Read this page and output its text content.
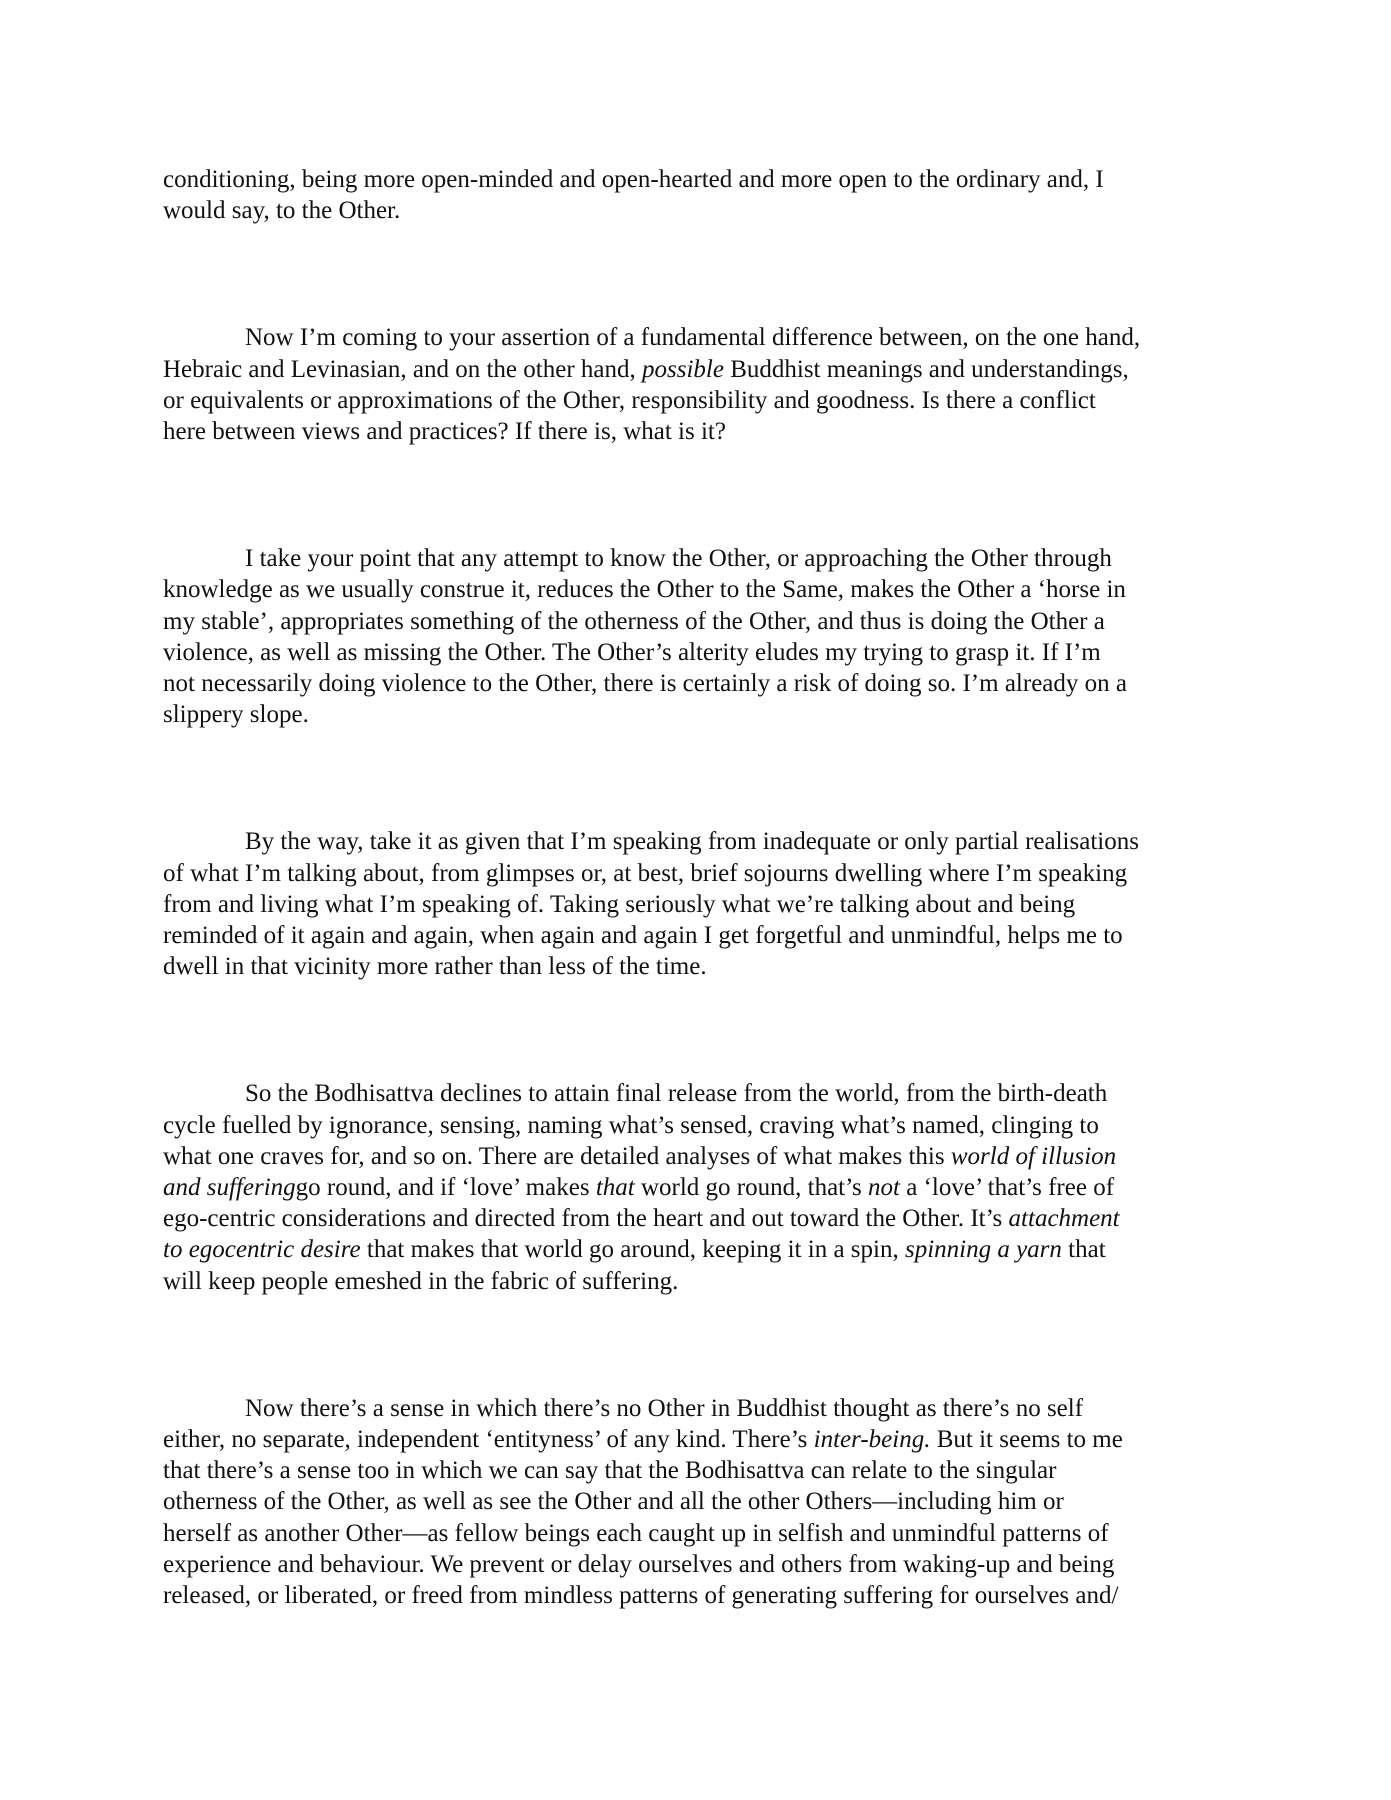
conditioning, being more open-minded and open-hearted and more open to the ordinary and, I
would say, to the Other.
Now I’m coming to your assertion of a fundamental difference between, on the one hand,
Hebraic and Levinasian, and on the other hand, possible Buddhist meanings and understandings,
or equivalents or approximations of the Other, responsibility and goodness. Is there a conflict
here between views and practices? If there is, what is it?
I take your point that any attempt to know the Other, or approaching the Other through
knowledge as we usually construe it, reduces the Other to the Same, makes the Other a ‘horse in
my stable’, appropriates something of the otherness of the Other, and thus is doing the Other a
violence, as well as missing the Other. The Other’s alterity eludes my trying to grasp it. If I’m
not necessarily doing violence to the Other, there is certainly a risk of doing so. I’m already on a
slippery slope.
By the way, take it as given that I’m speaking from inadequate or only partial realisations
of what I’m talking about, from glimpses or, at best, brief sojourns dwelling where I’m speaking
from and living what I’m speaking of. Taking seriously what we’re talking about and being
reminded of it again and again, when again and again I get forgetful and unmindful, helps me to
dwell in that vicinity more rather than less of the time.
So the Bodhisattva declines to attain final release from the world, from the birth-death
cycle fuelled by ignorance, sensing, naming what’s sensed, craving what’s named, clinging to
what one craves for, and so on. There are detailed analyses of what makes this world of illusion
and sufferinggo round, and if ‘love’ makes that world go round, that’s not a ‘love’ that’s free of
ego-centric considerations and directed from the heart and out toward the Other. It’s attachment
to egocentric desire that makes that world go around, keeping it in a spin, spinning a yarn that
will keep people emeshed in the fabric of suffering.
Now there’s a sense in which there’s no Other in Buddhist thought as there’s no self
either, no separate, independent ‘entityness’ of any kind. There’s inter-being. But it seems to me
that there’s a sense too in which we can say that the Bodhisattva can relate to the singular
otherness of the Other, as well as see the Other and all the other Others—including him or
herself as another Other—as fellow beings each caught up in selfish and unmindful patterns of
experience and behaviour. We prevent or delay ourselves and others from waking-up and being
released, or liberated, or freed from mindless patterns of generating suffering for ourselves and/
